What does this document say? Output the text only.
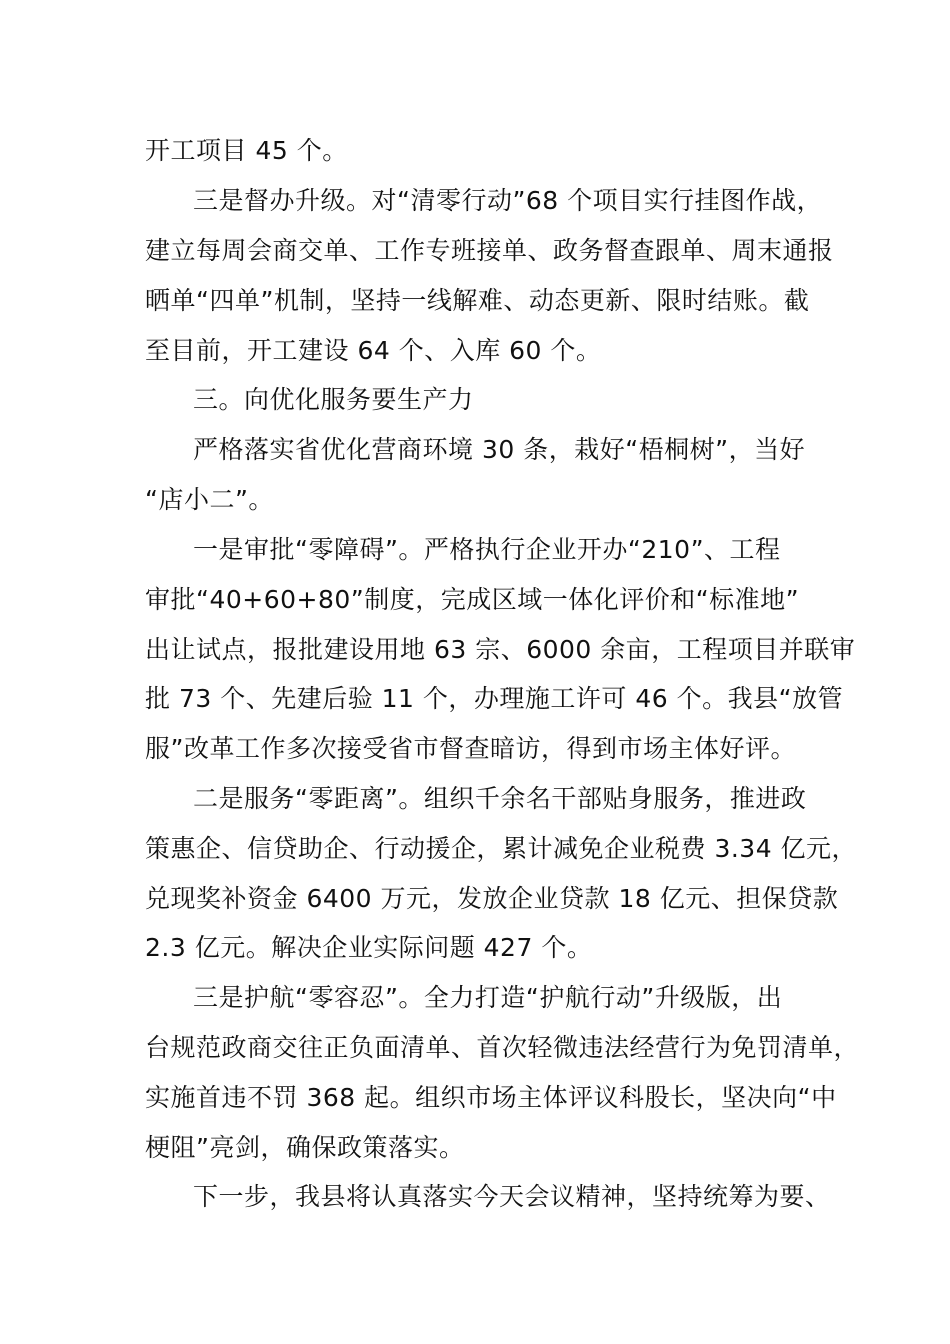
开工项目 45 个。
三是督办升级。对“清零行动”68 个项目实行挂图作战，
建立每周会商交单、工作专班接单、政务督查跟单、周末通报
晒单“四单”机制，坚持一线解难、动态更新、限时结账。截
至目前，开工建设 64 个、入库 60 个。
三。向优化服务要生产力
严格落实省优化营商环境 30 条，栽好“梧桐树”，当好
“店小二”。
一是审批“零障碍”。严格执行企业开办“210”、工程
审批“40+60+80”制度，完成区域一体化评价和“标准地”
出让试点，报批建设用地 63 宗、6000 余亩，工程项目并联审
批 73 个、先建后验 11 个，办理施工许可 46 个。我县“放管
服”改革工作多次接受省市督查暗访，得到市场主体好评。
二是服务“零距离”。组织千余名干部贴身服务，推进政
策惠企、信贷助企、行动援企，累计减免企业税费 3.34 亿元，
兑现奖补资金 6400 万元，发放企业贷款 18 亿元、担保贷款
2.3 亿元。解决企业实际问题 427 个。
三是护航“零容忍”。全力打造“护航行动”升级版，出
台规范政商交往正负面清单、首次轻微违法经营行为免罚清单，
实施首违不罚 368 起。组织市场主体评议科股长，坚决向“中
梗阻”亮剑，确保政策落实。
下一步，我县将认真落实今天会议精神，坚持统筹为要、
